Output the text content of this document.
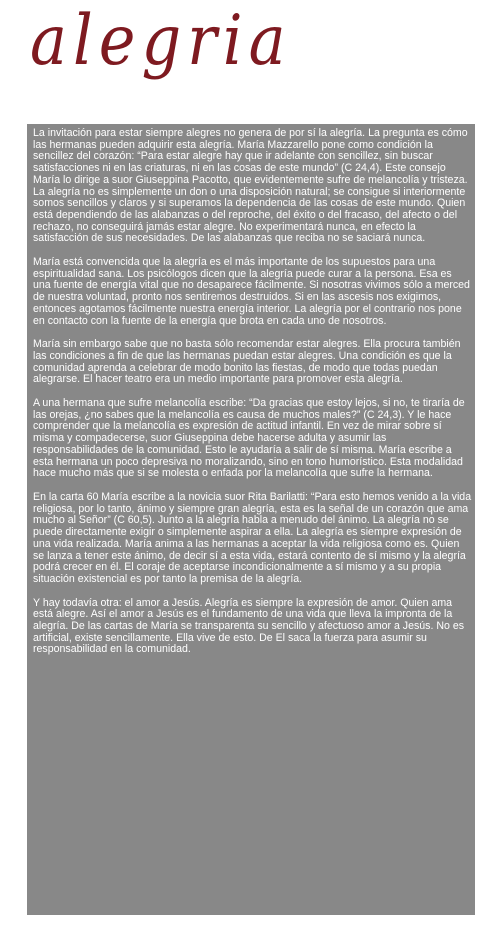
alegria

La invitación para estar siempre alegres no genera de por sí la alegría. La pregunta es cómo las hermanas pueden adquirir esta alegría. María Mazzarello pone como condición la sencillez del corazón: “Para estar alegre hay que ir adelante con sencillez, sin buscar satisfacciones ni en las criaturas, ni en las cosas de este mundo” (C 24,4). Este consejo María lo dirige a suor Giuseppina Pacotto, que evidentemente sufre de melancolía y tristeza. La alegría no es simplemente un don o una disposición natural; se consigue si interiormente somos sencillos y claros y si superamos la dependencia de las cosas de este mundo. Quien está dependiendo de las alabanzas o del reproche, del éxito o del fracaso, del afecto o del rechazo, no conseguirá jamás estar alegre. No experimentará nunca, en efecto la satisfacción de sus necesidades. De las alabanzas que reciba no se saciará nunca.

María está convencida que la alegría es el más importante de los supuestos para una espiritualidad sana. Los psicólogos dicen que la alegría puede curar a la persona. Esa es una fuente de energía vital que no desaparece fácilmente. Si nosotras vivimos sólo a merced de nuestra voluntad, pronto nos sentiremos destruidos. Si en las ascesis nos exigimos, entonces agotamos fácilmente nuestra energía interior. La alegría por el contrario nos pone en contacto con la fuente de la energía que brota en cada uno de nosotros.

María sin embargo sabe que no basta sólo recomendar estar alegres. Ella procura también las condiciones a fin de que las hermanas puedan estar alegres. Una condición es que la comunidad aprenda a celebrar de modo bonito las fiestas, de modo que todas puedan alegrarse. El hacer teatro era un medio importante para promover esta alegría.

A una hermana que sufre melancolía escribe: “Da gracias que estoy lejos, si no, te tiraría de las orejas, ¿no sabes que la melancolía es causa de muchos males?” (C 24,3). Y le hace comprender que la melancolía es expresión de actitud infantil. En vez de mirar sobre sí misma y compadecerse, suor Giuseppina debe hacerse adulta y asumir las responsabilidades de la comunidad. Esto le ayudaría a salir de sí misma. María escribe a esta hermana un poco depresiva no moralizando, sino en tono humorístico. Esta modalidad hace mucho más que si se molesta o enfada por la melancolía que sufre la hermana.

En la carta 60 María escribe a la novicia suor Rita Barilatti: “Para esto hemos venido a la vida religiosa, por lo tanto, ánimo y siempre gran alegría, esta es la señal de un corazón que ama mucho al Señor” (C 60,5). Junto a la alegría habla a menudo del ánimo. La alegría no se puede directamente exigir o simplemente aspirar a ella. La alegría es siempre expresión de una vida realizada. María anima a las hermanas a aceptar la vida religiosa como es. Quien se lanza a tener este ánimo, de decir sí a esta vida, estará contento de sí mismo y la alegría podrá crecer en él. El coraje de aceptarse incondicionalmente a sí mismo y a su propia situación existencial es por tanto la premisa de la alegría.

Y hay todavía otra: el amor a Jesús. Alegría es siempre la expresión de amor. Quien ama está alegre. Así el amor a Jesús es el fundamento de una vida que lleva la impronta de la alegría. De las cartas de María se transparenta su sencillo y afectuoso amor a Jesús. No es artificial, existe sencillamente. Ella vive de esto. De El saca la fuerza para asumir su responsabilidad en la comunidad.
